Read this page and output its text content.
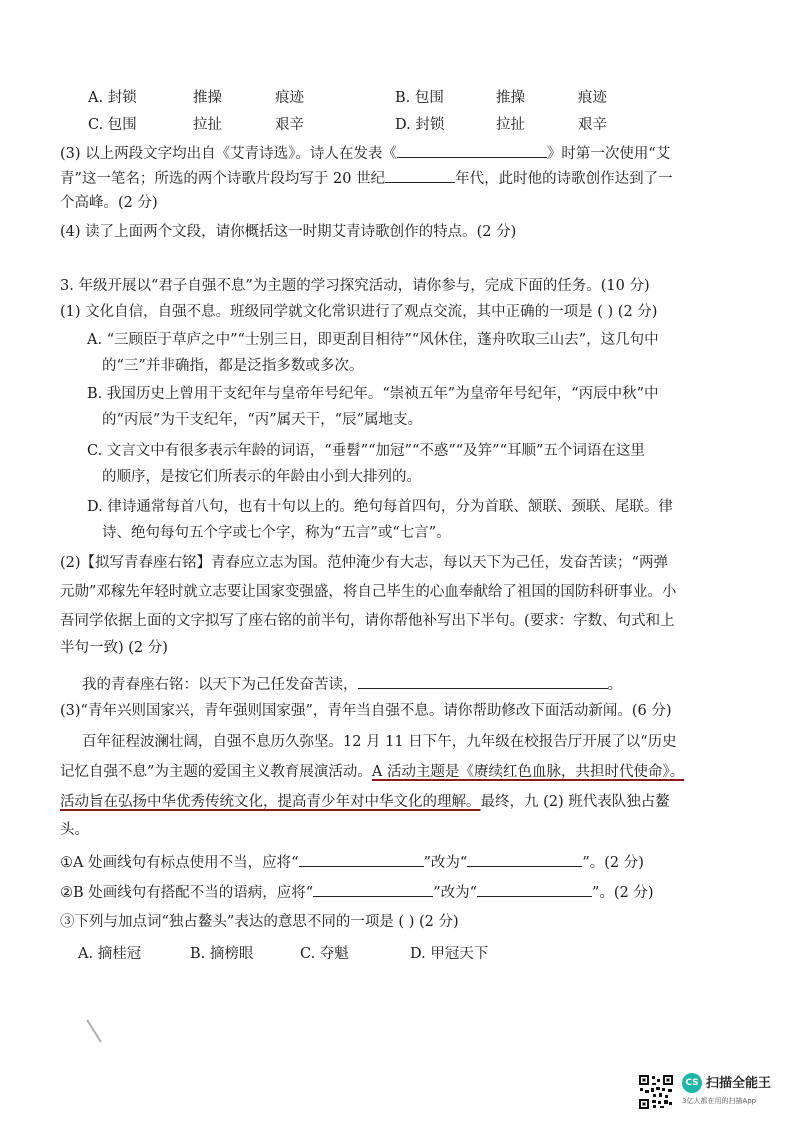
A. 封锁	推操	痕迹	B. 包围	推操	痕迹
C. 包围	拉扯	艰辛	D. 封锁	拉扯	艰辛
(3) 以上两段文字均出自《艾青诗选》。诗人在发表《	》时第一次使用“艾
青”这一笔名；所选的两个诗歌片段均写于 20 世纪	年代，此时他的诗歌创作达到了一
个高峰。(2 分)
(4) 读了上面两个文段，请你概括这一时期艾青诗歌创作的特点。(2 分)
3. 年级开展以“君子自强不息”为主题的学习探究活动，请你参与，完成下面的任务。(10 分)
(1) 文化自信，自强不息。班级同学就文化常识进行了观点交流，其中正确的一项是 ( ) (2 分)
A. “三顾臣于草庐之中”“士别三日，即更刮目相待”“风休住，蓬舟吹取三山去”，这几句中
的“三”并非确指，都是泛指多数或多次。
B. 我国历史上曾用干支纪年与皇帝年号纪年。“崇祯五年”为皇帝年号纪年，“丙辰中秋”中
的“丙辰”为干支纪年，“丙”属天干，“辰”属地支。
C. 文言文中有很多表示年龄的词语，“垂髫”“加冠”“不惑”“及笄”“耳顺”五个词语在这里
的顺序，是按它们所表示的年龄由小到大排列的。
D. 律诗通常每首八句，也有十句以上的。绝句每首四句，分为首联、颔联、颈联、尾联。律
诗、绝句每句五个字或七个字，称为“五言”或“七言”。
(2)【拟写青春座右铭】青春应立志为国。范仲淹少有大志，每以天下为己任，发奋苦读；“两弹
元勋”邓稼先年轻时就立志要让国家变强盛，将自己毕生的心血奉献给了祖国的国防科研事业。小
吾同学依据上面的文字拟写了座右铭的前半句，请你帮他补写出下半句。(要求：字数、句式和上
半句一致) (2 分)
我的青春座右铭：以天下为己任发奋苦读，	。
(3)“青年兴则国家兴，青年强则国家强”，青年当自强不息。请你帮助修改下面活动新闻。(6 分)
百年征程波澜壮阔，自强不息历久弥坚。12 月 11 日下午，九年级在校报告厅开展了以“历史
记忆自强不息”为主题的爱国主义教育展演活动。A 活动主题是《赓续红色血脉，共担时代使命》。
活动旨在弘扬中华优秀传统文化，提高青少年对中华文化的理解。最终，九 (2) 班代表队独占鳌
头。
①A 处画线句有标点使用不当，应将“	”改为“	”。(2 分)
②B 处画线句有搭配不当的语病，应将“	”改为“	”。(2 分)
③下列与加点词“独占鳌头”表达的意思不同的一项是 ( ) (2 分)
A. 摘桂冠	B. 摘榜眼	C. 夺魁	D. 甲冠天下
CS 扫描全能王
3亿人都在用的扫描App
